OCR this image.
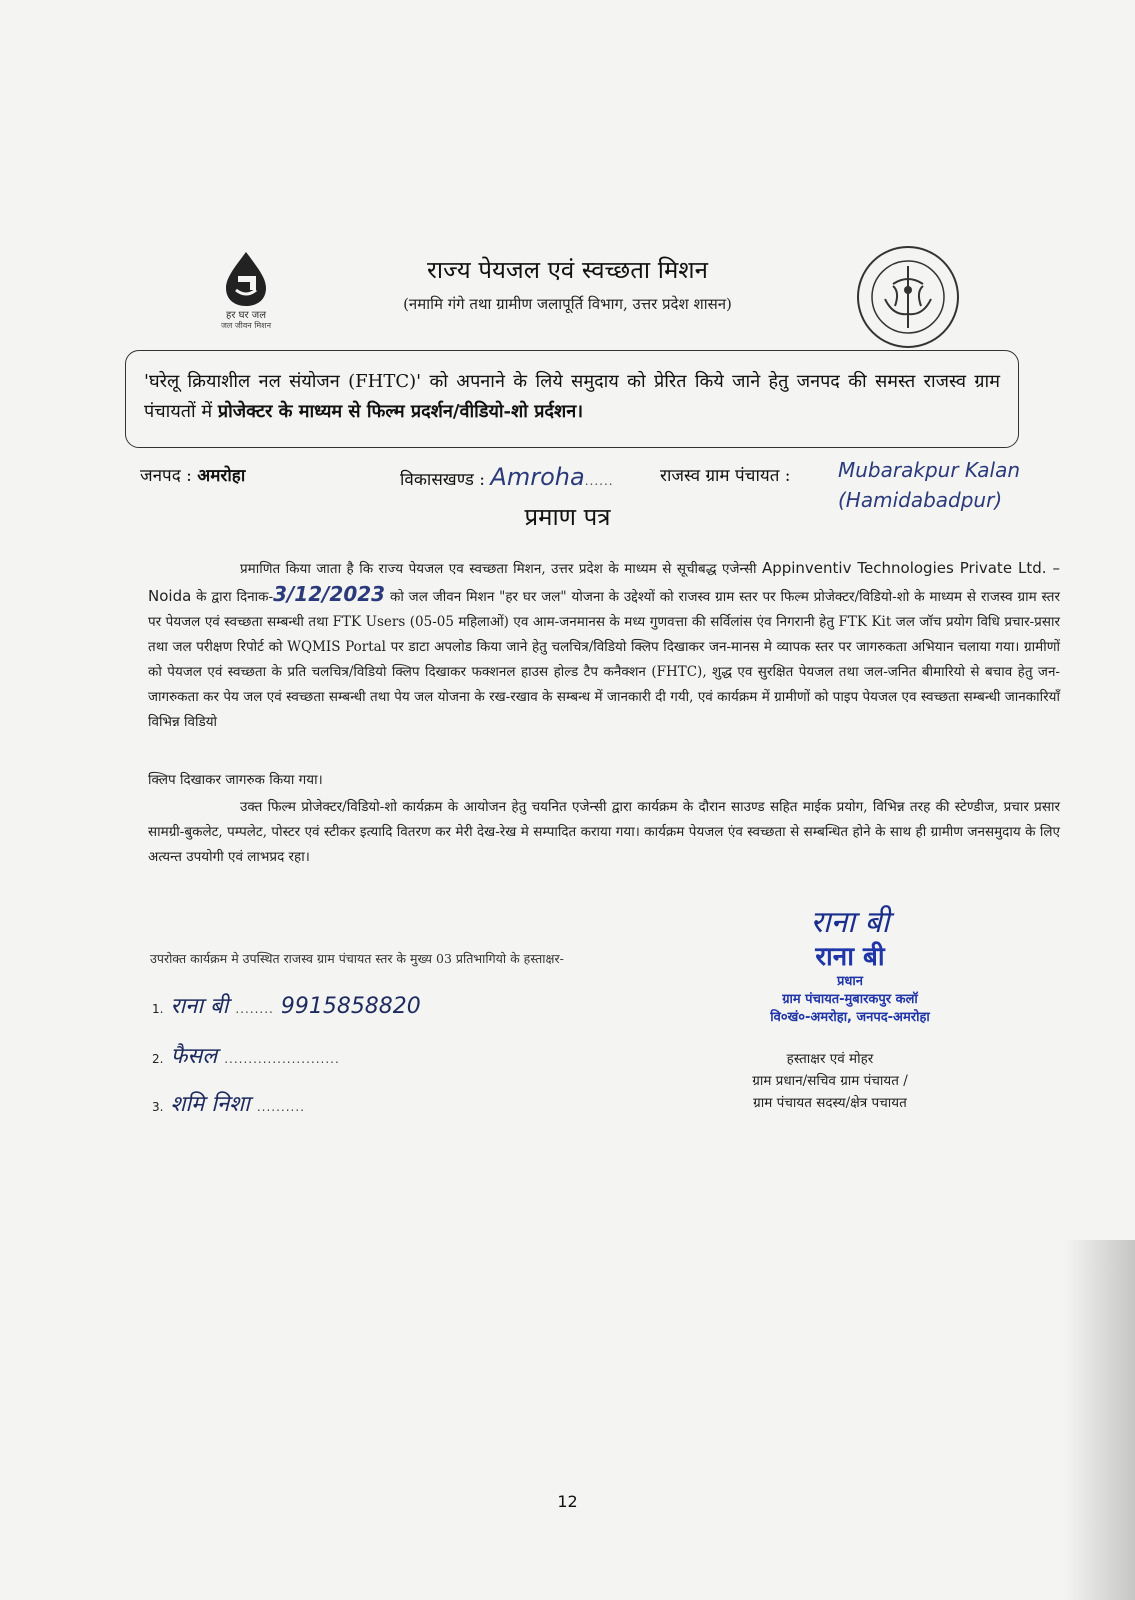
हर घर जल
जल जीवन मिशन
राज्य पेयजल एवं स्वच्छता मिशन
(नमामि गंगे तथा ग्रामीण जलापूर्ति विभाग, उत्तर प्रदेश शासन)
'घरेलू क्रियाशील नल संयोजन (FHTC)' को अपनाने के लिये समुदाय को प्रेरित किये जाने हेतु जनपद की समस्त राजस्व ग्राम पंचायतों में प्रोजेक्टर के माध्यम से फिल्म प्रदर्शन/वीडियो-शो प्रर्दशन।
जनपद : अमरोहा	विकासखण्ड : Amroha......	राजस्व ग्राम पंचायत : Mubarakpur Kalan
(Hamidabadpur)
प्रमाण पत्र
प्रमाणित किया जाता है कि राज्य पेयजल एव स्वच्छता मिशन, उत्तर प्रदेश के माध्यम से सूचीबद्ध एजेन्सी Appinventiv Technologies Private Ltd. – Noida के द्वारा दिनाक-3/12/2023 को जल जीवन मिशन "हर घर जल" योजना के उद्देश्यों को राजस्व ग्राम स्तर पर फिल्म प्रोजेक्टर/विडियो-शो के माध्यम से राजस्व ग्राम स्तर पर पेयजल एवं स्वच्छता सम्बन्धी तथा FTK Users (05-05 महिलाओं) एव आम-जनमानस के मध्य गुणवत्ता की सर्विलांस एंव निगरानी हेतु FTK Kit जल जॉच प्रयोग विधि प्रचार-प्रसार तथा जल परीक्षण रिपोर्ट को WQMIS Portal पर डाटा अपलोड किया जाने हेतु चलचित्र/विडियो क्लिप दिखाकर जन-मानस मे व्यापक स्तर पर जागरुकता अभियान चलाया गया। ग्रामीणों को पेयजल एवं स्वच्छता के प्रति चलचित्र/विडियो क्लिप दिखाकर फक्शनल हाउस होल्ड टैप कनैक्शन (FHTC), शुद्ध एव सुरक्षित पेयजल तथा जल-जनित बीमारियो से बचाव हेतु जन-जागरुकता कर पेय जल एवं स्वच्छता सम्बन्धी तथा पेय जल योजना के रख-रखाव के सम्बन्ध में जानकारी दी गयी, एवं कार्यक्रम में ग्रामीणों को पाइप पेयजल एव स्वच्छता सम्बन्धी जानकारियाँ विभिन्न विडियो
क्लिप दिखाकर जागरुक किया गया।
उक्त फिल्म प्रोजेक्टर/विडियो-शो कार्यक्रम के आयोजन हेतु चयनित एजेन्सी द्वारा कार्यक्रम के दौरान साउण्ड सहित माईक प्रयोग, विभिन्न तरह की स्टेण्डीज, प्रचार प्रसार सामग्री-बुकलेट, पम्पलेट, पोस्टर एवं स्टीकर इत्यादि वितरण कर मेरी देख-रेख मे सम्पादित कराया गया। कार्यक्रम पेयजल एंव स्वच्छता से सम्बन्धित होने के साथ ही ग्रामीण जनसमुदाय के लिए अत्यन्त उपयोगी एवं लाभप्रद रहा।
उपरोक्त कार्यक्रम मे उपस्थित राजस्व ग्राम पंचायत स्तर के मुख्य 03 प्रतिभागियो के हस्ताक्षर-
1. राना बी ........ 9915858820
2. फैसल ........................
3. शमि निशा ..........
राना बी
राना बी
प्रधान
ग्राम पंचायत-मुबारकपुर कलॉ
वि०खं०-अमरोहा, जनपद-अमरोहा
हस्ताक्षर एवं मोहर
ग्राम प्रधान/सचिव ग्राम पंचायत /
ग्राम पंचायत सदस्य/क्षेत्र पचायत
12
